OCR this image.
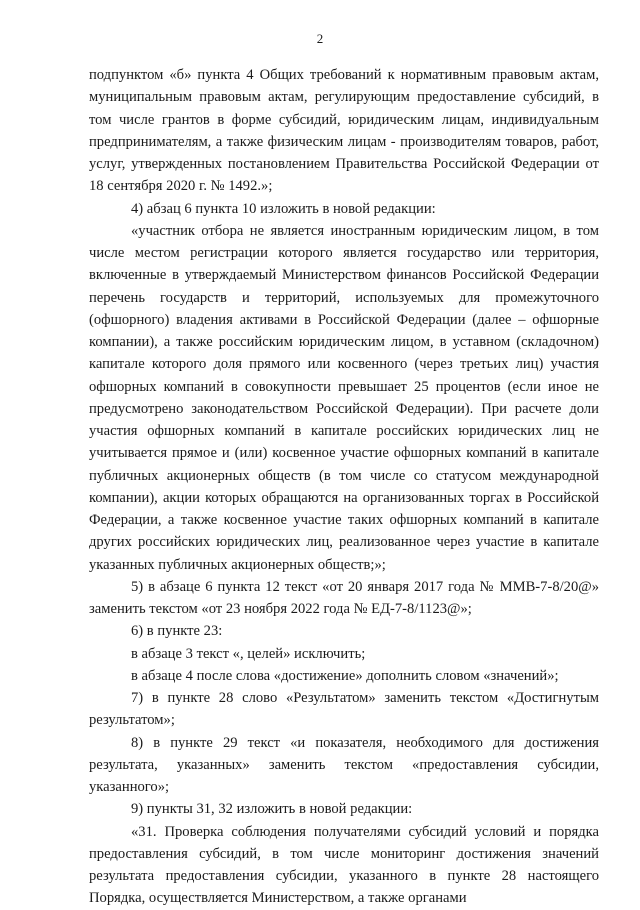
2

подпунктом «б» пункта 4 Общих требований к нормативным правовым актам, муниципальным правовым актам, регулирующим предоставление субсидий, в том числе грантов в форме субсидий, юридическим лицам, индивидуальным предпринимателям, а также физическим лицам - производителям товаров, работ, услуг, утвержденных постановлением Правительства Российской Федерации от 18 сентября 2020 г. № 1492.»;

4) абзац 6 пункта 10 изложить в новой редакции:

«участник отбора не является иностранным юридическим лицом, в том числе местом регистрации которого является государство или территория, включенные в утверждаемый Министерством финансов Российской Федерации перечень государств и территорий, используемых для промежуточного (офшорного) владения активами в Российской Федерации (далее – офшорные компании), а также российским юридическим лицом, в уставном (складочном) капитале которого доля прямого или косвенного (через третьих лиц) участия офшорных компаний в совокупности превышает 25 процентов (если иное не предусмотрено законодательством Российской Федерации). При расчете доли участия офшорных компаний в капитале российских юридических лиц не учитывается прямое и (или) косвенное участие офшорных компаний в капитале публичных акционерных обществ (в том числе со статусом международной компании), акции которых обращаются на организованных торгах в Российской Федерации, а также косвенное участие таких офшорных компаний в капитале других российских юридических лиц, реализованное через участие в капитале указанных публичных акционерных обществ;»;

5) в абзаце 6 пункта 12 текст «от 20 января 2017 года № ММВ-7-8/20@» заменить текстом «от 23 ноября 2022 года № ЕД-7-8/1123@»;

6) в пункте 23:

в абзаце 3 текст «, целей» исключить;

в абзаце 4 после слова «достижение» дополнить словом «значений»;

7) в пункте 28 слово «Результатом» заменить текстом «Достигнутым результатом»;

8) в пункте 29 текст «и показателя, необходимого для достижения результата, указанных» заменить текстом «предоставления субсидии, указанного»;

9) пункты 31, 32 изложить в новой редакции:

«31. Проверка соблюдения получателями субсидий условий и порядка предоставления субсидий, в том числе мониторинг достижения значений результата предоставления субсидии, указанного в пункте 28 настоящего Порядка, осуществляется Министерством, а также органами
